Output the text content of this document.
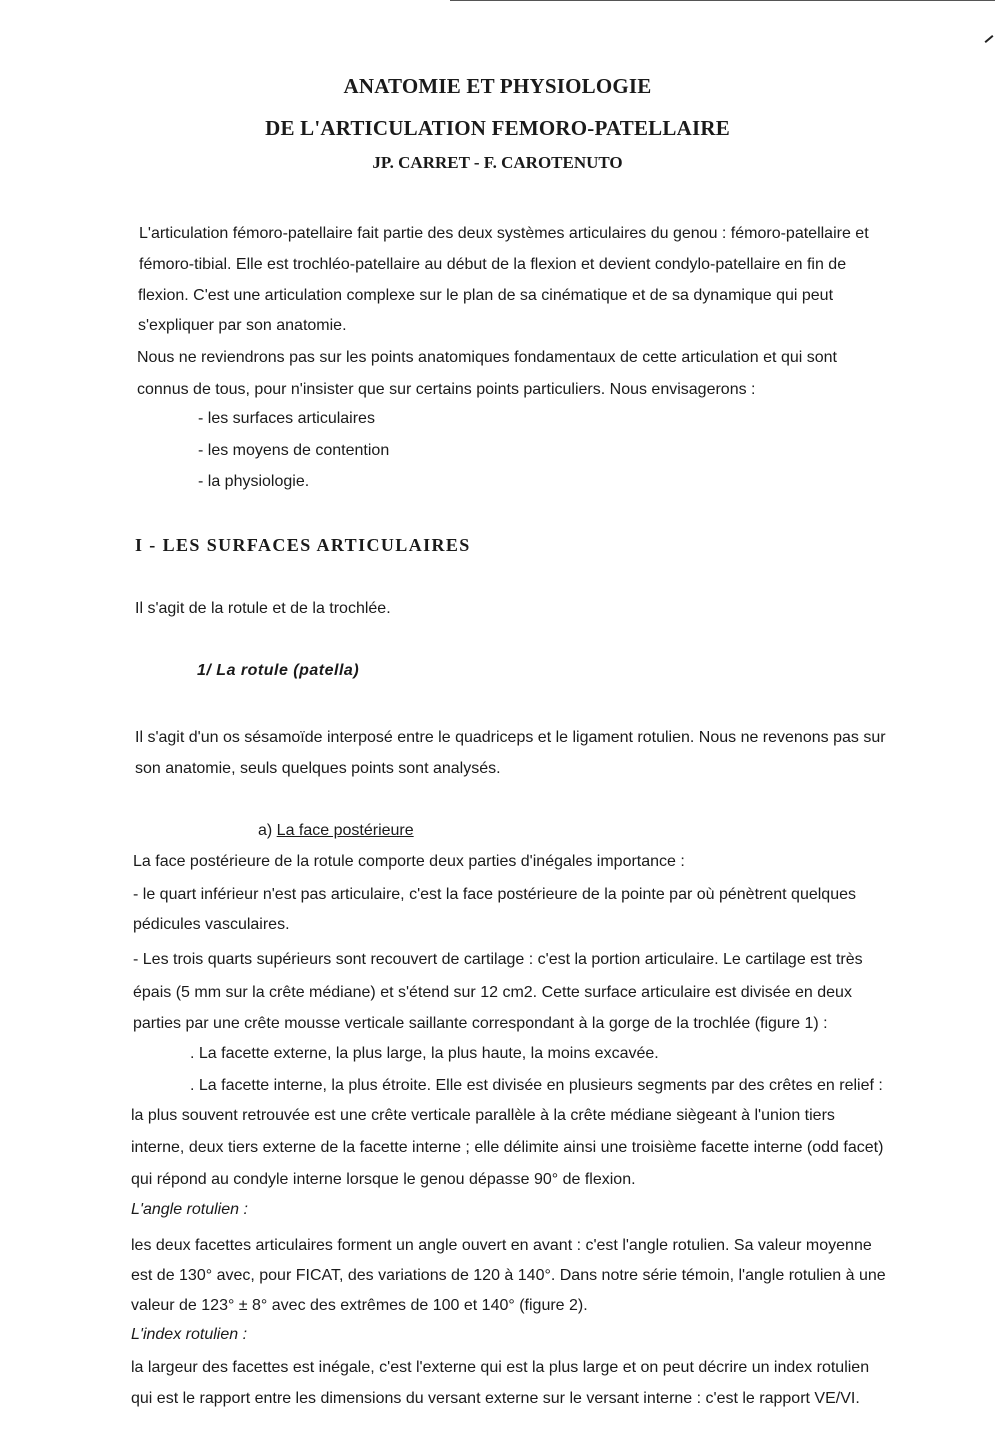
ANATOMIE ET PHYSIOLOGIE
DE L'ARTICULATION FEMORO-PATELLAIRE
JP. CARRET - F. CAROTENUTO
L'articulation fémoro-patellaire fait partie des deux systèmes articulaires du genou : fémoro-patellaire et
fémoro-tibial. Elle est trochléo-patellaire au début de la flexion et devient condylo-patellaire en fin de
flexion. C'est une articulation complexe sur le plan de sa cinématique et de sa dynamique qui peut
s'expliquer par son anatomie.
Nous ne reviendrons pas sur les points anatomiques fondamentaux de cette articulation et qui sont
connus de tous, pour n'insister que sur certains points particuliers. Nous envisagerons :
- les surfaces articulaires
- les moyens de contention
- la physiologie.
I - LES SURFACES ARTICULAIRES
Il s'agit de la rotule et de la trochlée.
1/ La rotule (patella)
Il s'agit d'un os sésamoïde interposé entre le quadriceps et le ligament rotulien. Nous ne revenons pas sur
son anatomie, seuls quelques points sont analysés.
a) La face postérieure
La face postérieure de la rotule comporte deux parties d'inégales importance :
- le quart inférieur n'est pas articulaire, c'est la face postérieure de la pointe par où pénètrent quelques
pédicules vasculaires.
- Les trois quarts supérieurs sont recouvert de cartilage : c'est la portion articulaire. Le cartilage est très
épais (5 mm sur la crête médiane) et s'étend sur 12 cm2. Cette surface articulaire est divisée en deux
parties par une crête mousse verticale saillante correspondant à la gorge de la trochlée (figure 1) :
. La facette externe, la plus large, la plus haute, la moins excavée.
. La facette interne, la plus étroite. Elle est divisée en plusieurs segments par des crêtes en relief :
la plus souvent retrouvée est une crête verticale parallèle à la crête médiane siègeant à l'union tiers
interne, deux tiers externe de la facette interne ; elle délimite ainsi une troisième facette interne (odd facet)
qui répond au condyle interne lorsque le genou dépasse 90° de flexion.
L'angle rotulien :
les deux facettes articulaires forment un angle ouvert en avant : c'est l'angle rotulien. Sa valeur moyenne
est de 130° avec, pour FICAT, des variations de 120 à 140°. Dans notre série témoin, l'angle rotulien à une
valeur de 123° ± 8° avec des extrêmes de 100 et 140° (figure 2).
L'index rotulien :
la largeur des facettes est inégale, c'est l'externe qui est la plus large et on peut décrire un index rotulien
qui est le rapport entre les dimensions du versant externe sur le versant interne : c'est le rapport VE/VI.
